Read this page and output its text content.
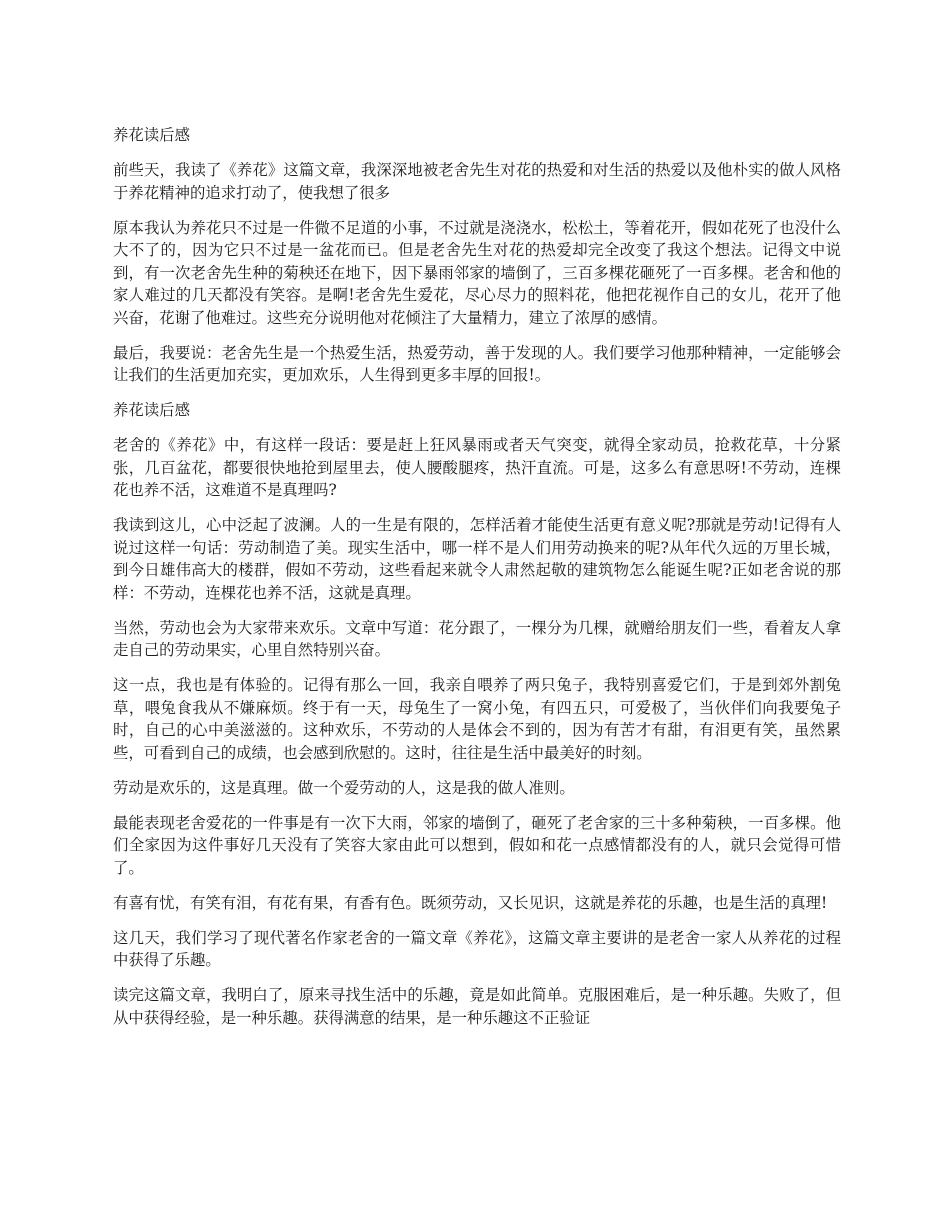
养花读后感

前些天，我读了《养花》这篇文章，我深深地被老舍先生对花的热爱和对生活的热爱以及他朴实的做人风格于养花精神的追求打动了，使我想了很多

原本我认为养花只不过是一件微不足道的小事，不过就是浇浇水，松松土，等着花开，假如花死了也没什么大不了的，因为它只不过是一盆花而已。但是老舍先生对花的热爱却完全改变了我这个想法。记得文中说到，有一次老舍先生种的菊秧还在地下，因下暴雨邻家的墙倒了，三百多棵花砸死了一百多棵。老舍和他的家人难过的几天都没有笑容。是啊!老舍先生爱花，尽心尽力的照料花，他把花视作自己的女儿，花开了他兴奋，花谢了他难过。这些充分说明他对花倾注了大量精力，建立了浓厚的感情。

最后，我要说：老舍先生是一个热爱生活，热爱劳动，善于发现的人。我们要学习他那种精神，一定能够会让我们的生活更加充实，更加欢乐，人生得到更多丰厚的回报!。

养花读后感

老舍的《养花》中，有这样一段话：要是赶上狂风暴雨或者天气突变，就得全家动员，抢救花草，十分紧张，几百盆花，都要很快地抢到屋里去，使人腰酸腿疼，热汗直流。可是，这多么有意思呀!不劳动，连棵花也养不活，这难道不是真理吗?

我读到这儿，心中泛起了波澜。人的一生是有限的，怎样活着才能使生活更有意义呢?那就是劳动!记得有人说过这样一句话：劳动制造了美。现实生活中，哪一样不是人们用劳动换来的呢?从年代久远的万里长城，到今日雄伟高大的楼群，假如不劳动，这些看起来就令人肃然起敬的建筑物怎么能诞生呢?正如老舍说的那样：不劳动，连棵花也养不活，这就是真理。

当然，劳动也会为大家带来欢乐。文章中写道：花分跟了，一棵分为几棵，就赠给朋友们一些，看着友人拿走自己的劳动果实，心里自然特别兴奋。

这一点，我也是有体验的。记得有那么一回，我亲自喂养了两只兔子，我特别喜爱它们，于是到郊外割兔草，喂兔食我从不嫌麻烦。终于有一天，母兔生了一窝小兔，有四五只，可爱极了，当伙伴们向我要兔子时，自己的心中美滋滋的。这种欢乐，不劳动的人是体会不到的，因为有苦才有甜，有泪更有笑，虽然累些，可看到自己的成绩，也会感到欣慰的。这时，往往是生活中最美好的时刻。

劳动是欢乐的，这是真理。做一个爱劳动的人，这是我的做人准则。

最能表现老舍爱花的一件事是有一次下大雨，邻家的墙倒了，砸死了老舍家的三十多种菊秧，一百多棵。他们全家因为这件事好几天没有了笑容大家由此可以想到，假如和花一点感情都没有的人，就只会觉得可惜了。

有喜有忧，有笑有泪，有花有果，有香有色。既须劳动，又长见识，这就是养花的乐趣，也是生活的真理!

这几天，我们学习了现代著名作家老舍的一篇文章《养花》，这篇文章主要讲的是老舍一家人从养花的过程中获得了乐趣。

读完这篇文章，我明白了，原来寻找生活中的乐趣，竟是如此简单。克服困难后，是一种乐趣。失败了，但从中获得经验，是一种乐趣。获得满意的结果，是一种乐趣这不正验证
